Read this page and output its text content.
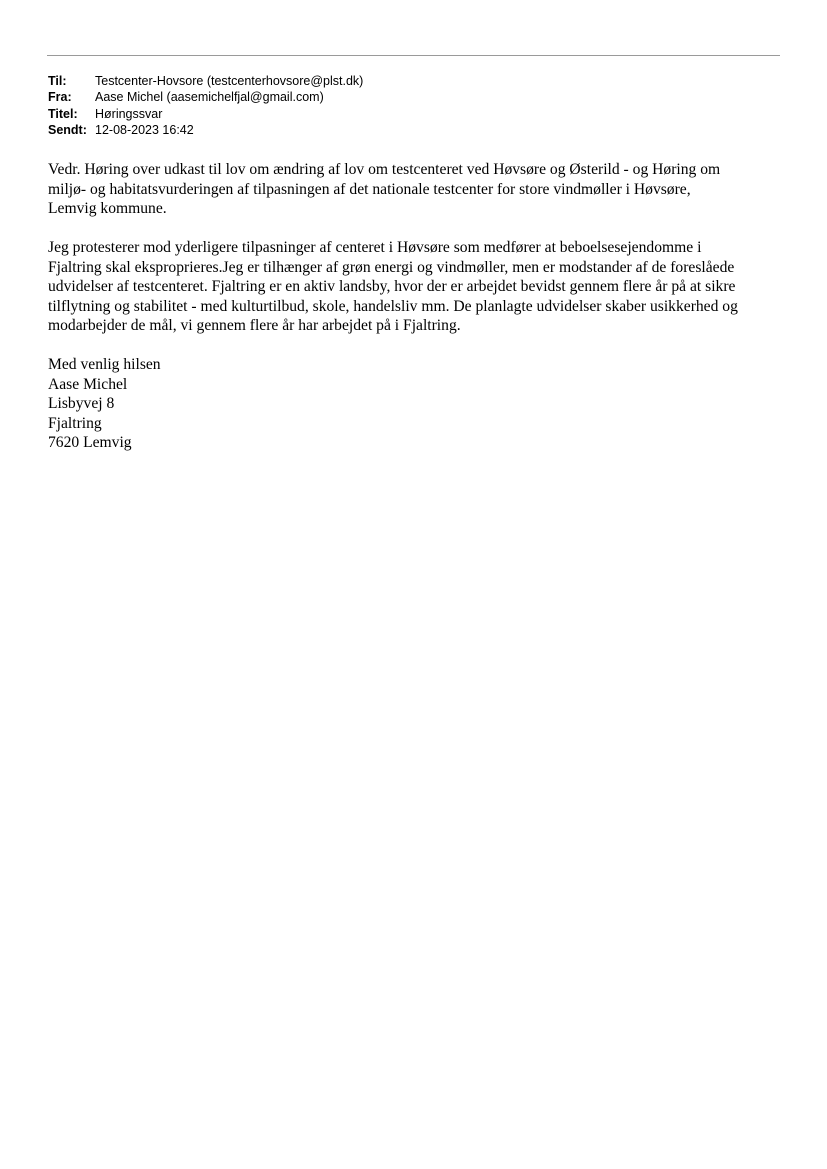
Til:	Testcenter-Hovsore (testcenterhovsore@plst.dk)
Fra:	Aase Michel (aasemichelfjal@gmail.com)
Titel:	Høringssvar
Sendt: 12-08-2023 16:42
Vedr. Høring over udkast til lov om ændring af lov om testcenteret ved Høvsøre og Østerild - og Høring om
miljø- og habitatsvurderingen af tilpasningen af det nationale testcenter for store vindmøller i Høvsøre,
Lemvig kommune.
Jeg protesterer mod yderligere tilpasninger af centeret i Høvsøre som medfører at beboelsesejendomme i
Fjaltring skal eksproprieres.Jeg er tilhænger af grøn energi og vindmøller, men er modstander af de foreslåede
udvidelser af testcenteret. Fjaltring er en aktiv landsby, hvor der er arbejdet bevidst gennem flere år på at sikre
tilflytning og stabilitet - med kulturtilbud, skole, handelsliv mm. De planlagte udvidelser skaber usikkerhed og
modarbejder de mål, vi gennem flere år har arbejdet på i Fjaltring.
Med venlig hilsen
Aase Michel
Lisbyvej 8
Fjaltring
7620 Lemvig
